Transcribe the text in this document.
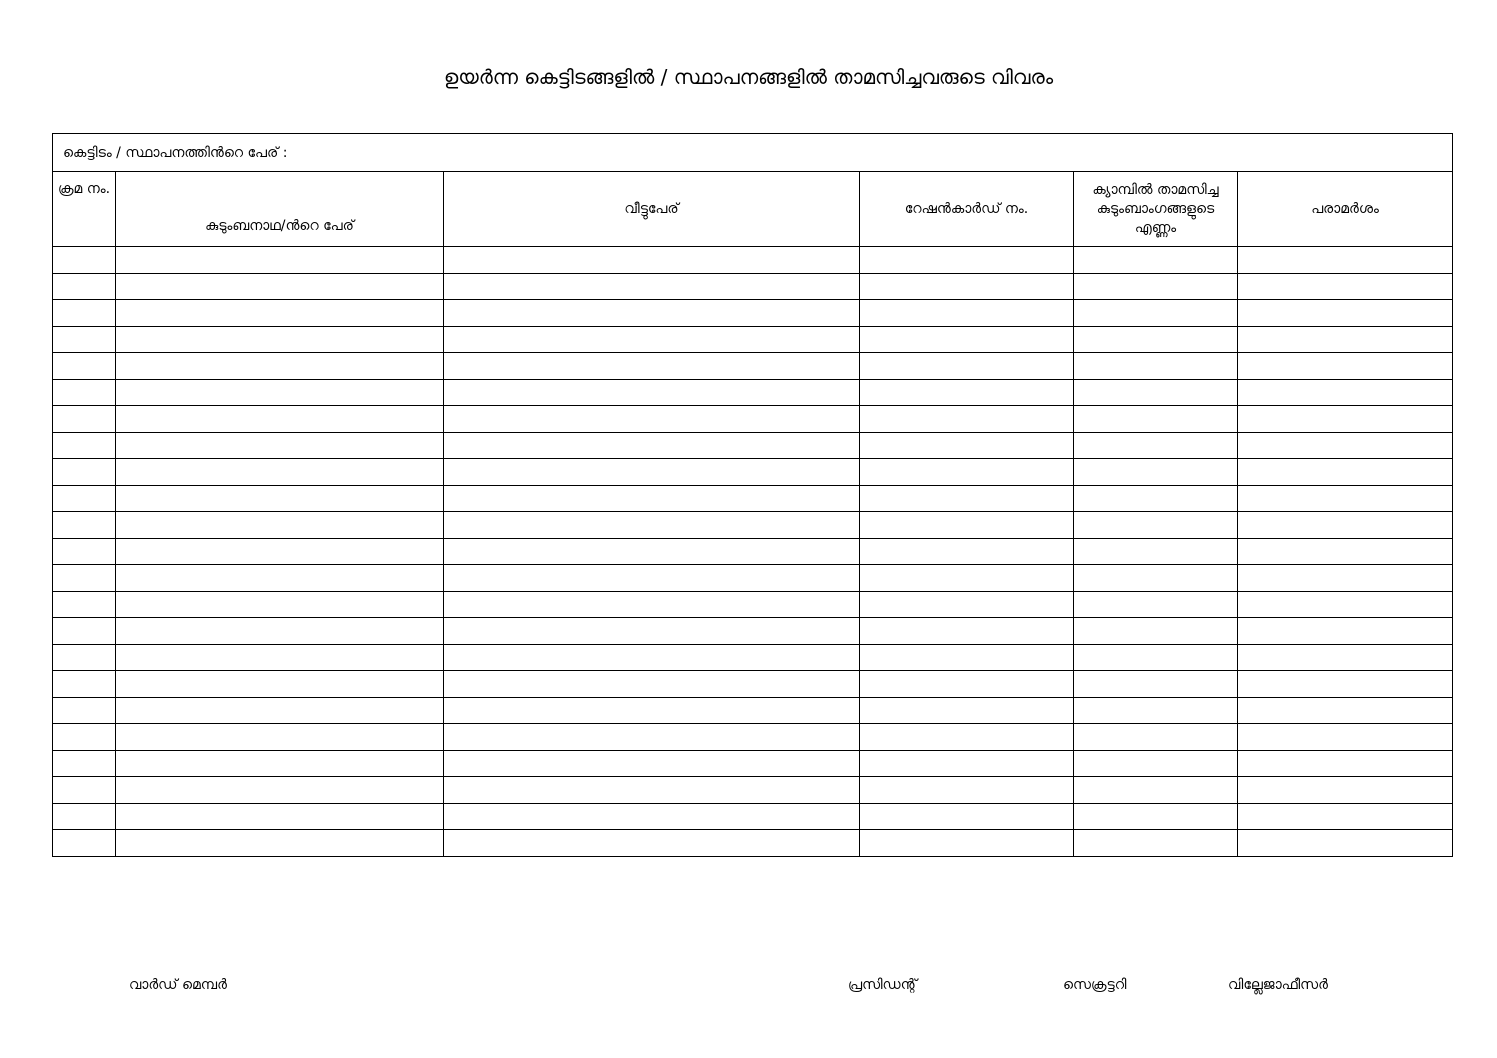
ഉയർന്ന കെട്ടിടങ്ങളിൽ / സ്ഥാപനങ്ങളിൽ താമസിച്ചവരുടെ വിവരം
കെട്ടിടം / സ്ഥാപനത്തിൻറെ പേര് :					
ക്രമ നം.	കുടുംബനാഥ/ൻറെ പേര്	വീട്ടുപേര്	റേഷൻകാർഡ് നം.	ക്യാമ്പിൽ താമസിച്ച കുടുംബാംഗങ്ങളുടെ എണ്ണം	പരാമർശം

വാർഡ് മെമ്പർ	പ്രസിഡന്റ്	സെക്രട്ടറി	വില്ലേജാഫീസർ
